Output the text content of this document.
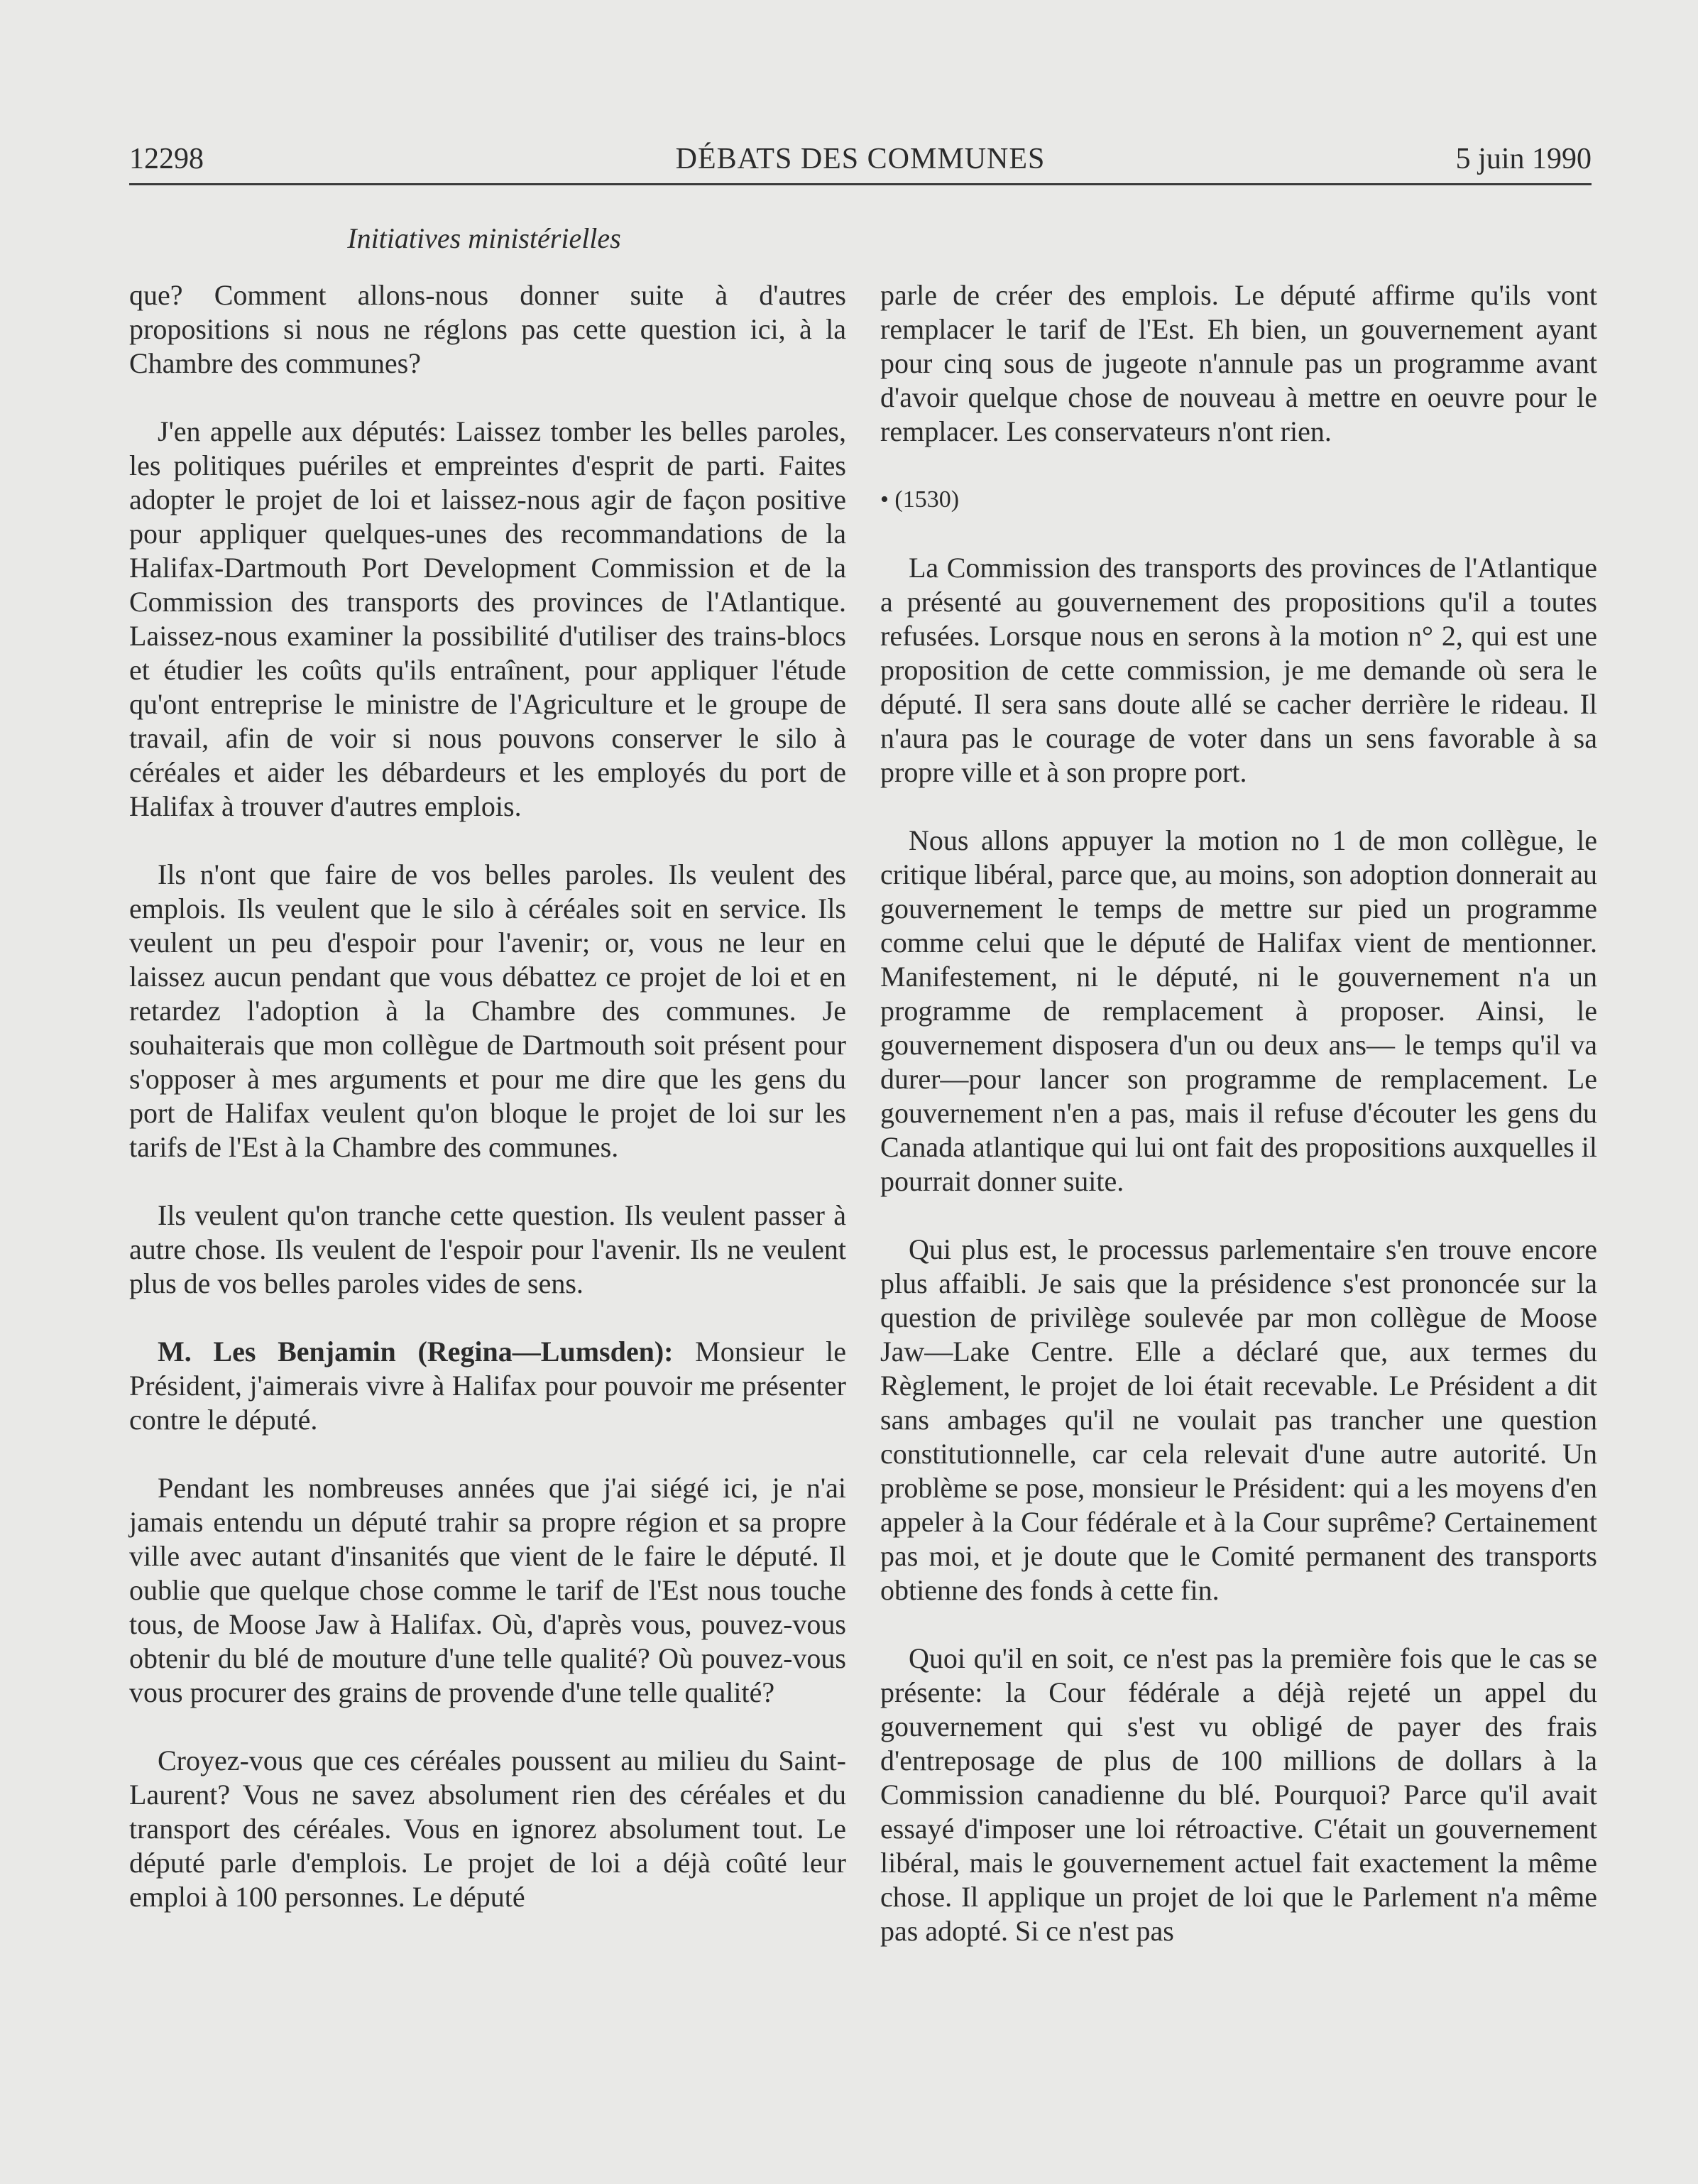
12298	DÉBATS DES COMMUNES	5 juin 1990
Initiatives ministérielles

que? Comment allons-nous donner suite à d'autres propositions si nous ne réglons pas cette question ici, à la Chambre des communes?

J'en appelle aux députés: Laissez tomber les belles paroles, les politiques puériles et empreintes d'esprit de parti. Faites adopter le projet de loi et laissez-nous agir de façon positive pour appliquer quelques-unes des recommandations de la Halifax-Dartmouth Port Development Commission et de la Commission des transports des provinces de l'Atlantique. Laissez-nous examiner la possibilité d'utiliser des trains-blocs et étudier les coûts qu'ils entraînent, pour appliquer l'étude qu'ont entreprise le ministre de l'Agriculture et le groupe de travail, afin de voir si nous pouvons conserver le silo à céréales et aider les débardeurs et les employés du port de Halifax à trouver d'autres emplois.

Ils n'ont que faire de vos belles paroles. Ils veulent des emplois. Ils veulent que le silo à céréales soit en service. Ils veulent un peu d'espoir pour l'avenir; or, vous ne leur en laissez aucun pendant que vous débattez ce projet de loi et en retardez l'adoption à la Chambre des communes. Je souhaiterais que mon collègue de Dartmouth soit présent pour s'opposer à mes arguments et pour me dire que les gens du port de Halifax veulent qu'on bloque le projet de loi sur les tarifs de l'Est à la Chambre des communes.

Ils veulent qu'on tranche cette question. Ils veulent passer à autre chose. Ils veulent de l'espoir pour l'avenir. Ils ne veulent plus de vos belles paroles vides de sens.

M. Les Benjamin (Regina—Lumsden): Monsieur le Président, j'aimerais vivre à Halifax pour pouvoir me présenter contre le député.

Pendant les nombreuses années que j'ai siégé ici, je n'ai jamais entendu un député trahir sa propre région et sa propre ville avec autant d'insanités que vient de le faire le député. Il oublie que quelque chose comme le tarif de l'Est nous touche tous, de Moose Jaw à Halifax. Où, d'après vous, pouvez-vous obtenir du blé de mouture d'une telle qualité? Où pouvez-vous vous procurer des grains de provende d'une telle qualité?

Croyez-vous que ces céréales poussent au milieu du Saint-Laurent? Vous ne savez absolument rien des céréales et du transport des céréales. Vous en ignorez absolument tout. Le député parle d'emplois. Le projet de loi a déjà coûté leur emploi à 100 personnes. Le député

parle de créer des emplois. Le député affirme qu'ils vont remplacer le tarif de l'Est. Eh bien, un gouvernement ayant pour cinq sous de jugeote n'annule pas un programme avant d'avoir quelque chose de nouveau à mettre en oeuvre pour le remplacer. Les conservateurs n'ont rien.

• (1530)

La Commission des transports des provinces de l'Atlantique a présenté au gouvernement des propositions qu'il a toutes refusées. Lorsque nous en serons à la motion n° 2, qui est une proposition de cette commission, je me demande où sera le député. Il sera sans doute allé se cacher derrière le rideau. Il n'aura pas le courage de voter dans un sens favorable à sa propre ville et à son propre port.

Nous allons appuyer la motion no 1 de mon collègue, le critique libéral, parce que, au moins, son adoption donnerait au gouvernement le temps de mettre sur pied un programme comme celui que le député de Halifax vient de mentionner. Manifestement, ni le député, ni le gouvernement n'a un programme de remplacement à proposer. Ainsi, le gouvernement disposera d'un ou deux ans— le temps qu'il va durer—pour lancer son programme de remplacement. Le gouvernement n'en a pas, mais il refuse d'écouter les gens du Canada atlantique qui lui ont fait des propositions auxquelles il pourrait donner suite.

Qui plus est, le processus parlementaire s'en trouve encore plus affaibli. Je sais que la présidence s'est prononcée sur la question de privilège soulevée par mon collègue de Moose Jaw—Lake Centre. Elle a déclaré que, aux termes du Règlement, le projet de loi était recevable. Le Président a dit sans ambages qu'il ne voulait pas trancher une question constitutionnelle, car cela relevait d'une autre autorité. Un problème se pose, monsieur le Président: qui a les moyens d'en appeler à la Cour fédérale et à la Cour suprême? Certainement pas moi, et je doute que le Comité permanent des transports obtienne des fonds à cette fin.

Quoi qu'il en soit, ce n'est pas la première fois que le cas se présente: la Cour fédérale a déjà rejeté un appel du gouvernement qui s'est vu obligé de payer des frais d'entreposage de plus de 100 millions de dollars à la Commission canadienne du blé. Pourquoi? Parce qu'il avait essayé d'imposer une loi rétroactive. C'était un gouvernement libéral, mais le gouvernement actuel fait exactement la même chose. Il applique un projet de loi que le Parlement n'a même pas adopté. Si ce n'est pas
